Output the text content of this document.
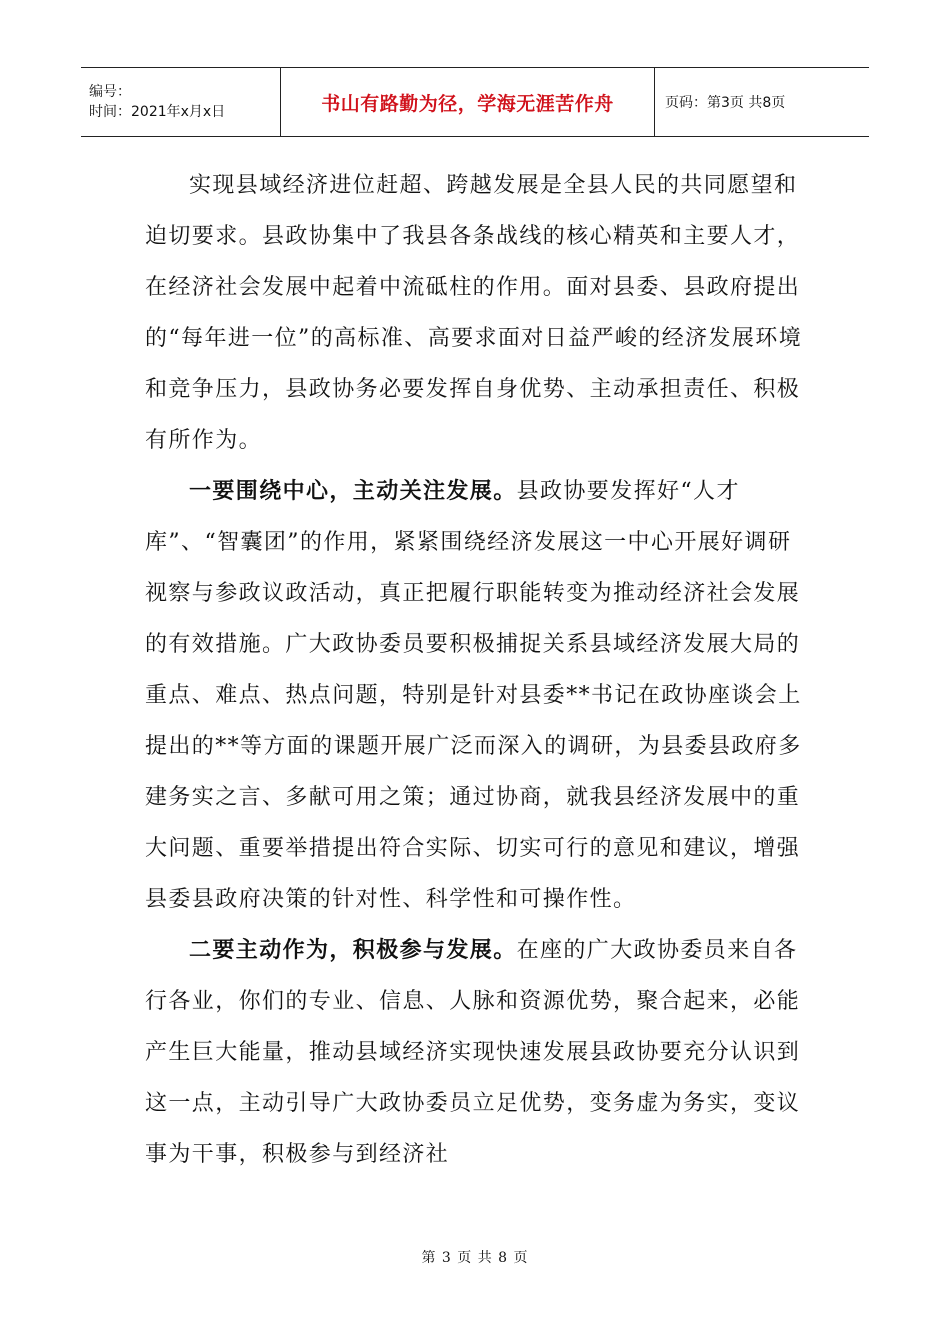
编号：
时间：2021年x月x日	书山有路勤为径，学海无涯苦作舟	页码：第3页 共8页

实现县域经济进位赶超、跨越发展是全县人民的共同愿望和迫切要求。县政协集中了我县各条战线的核心精英和主要人才，在经济社会发展中起着中流砥柱的作用。面对县委、县政府提出的“每年进一位”的高标准、高要求面对日益严峻的经济发展环境和竞争压力，县政协务必要发挥自身优势、主动承担责任、积极有所作为。

一要围绕中心，主动关注发展。县政协要发挥好“人才库”、“智囊团”的作用，紧紧围绕经济发展这一中心开展好调研视察与参政议政活动，真正把履行职能转变为推动经济社会发展的有效措施。广大政协委员要积极捕捉关系县域经济发展大局的重点、难点、热点问题，特别是针对县委**书记在政协座谈会上提出的**等方面的课题开展广泛而深入的调研，为县委县政府多建务实之言、多献可用之策；通过协商，就我县经济发展中的重大问题、重要举措提出符合实际、切实可行的意见和建议，增强县委县政府决策的针对性、科学性和可操作性。

二要主动作为，积极参与发展。在座的广大政协委员来自各行各业，你们的专业、信息、人脉和资源优势，聚合起来，必能产生巨大能量，推动县域经济实现快速发展县政协要充分认识到这一点，主动引导广大政协委员立足优势，变务虚为务实，变议事为干事，积极参与到经济社

第 3 页 共 8 页
